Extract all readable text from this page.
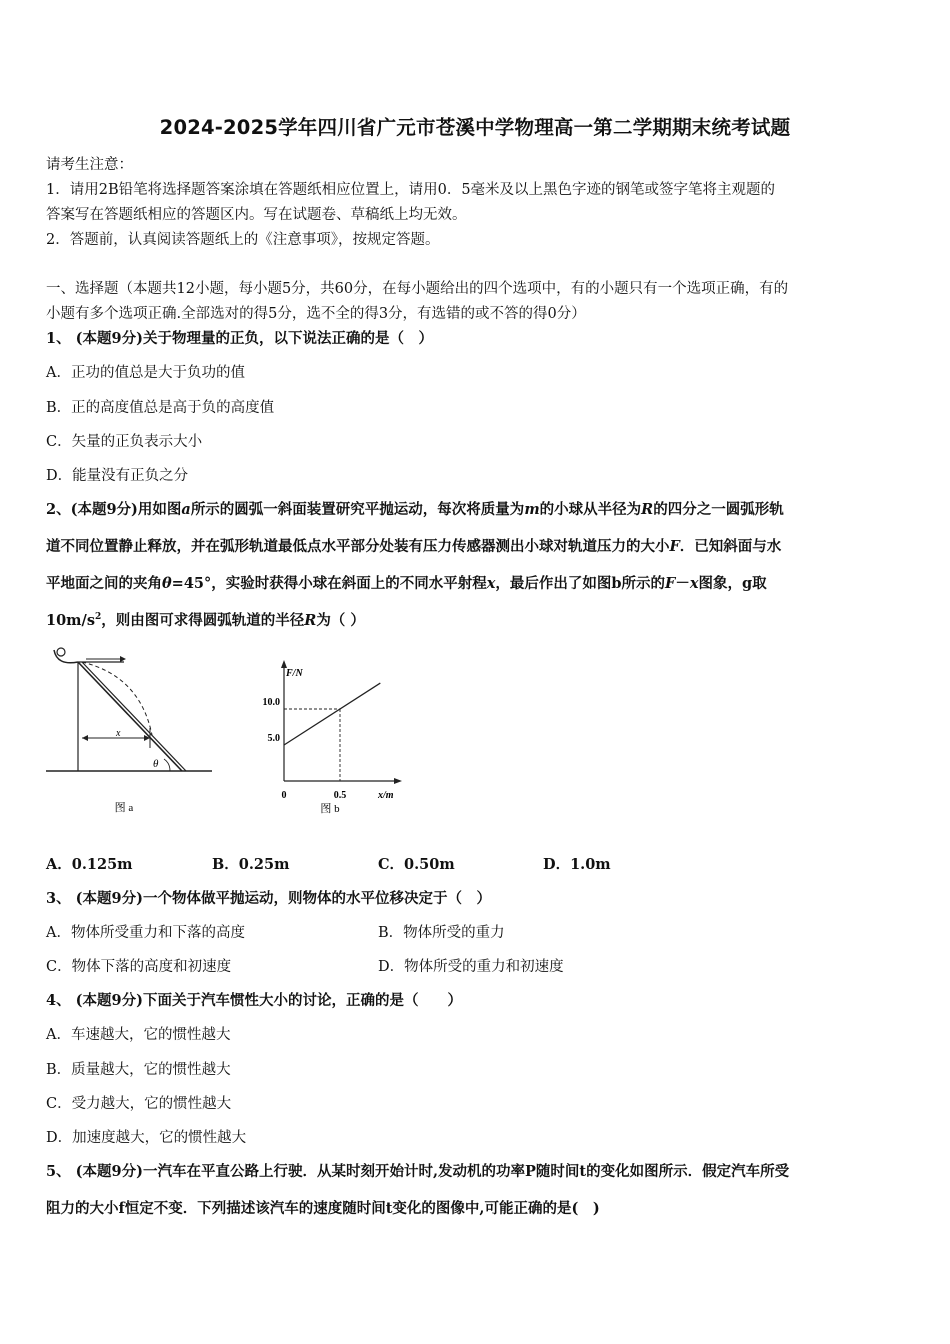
2024-2025学年四川省广元市苍溪中学物理高一第二学期期末统考试题
请考生注意：
1．请用2B铅笔将选择题答案涂填在答题纸相应位置上，请用0．5毫米及以上黑色字迹的钢笔或签字笔将主观题的
答案写在答题纸相应的答题区内。写在试题卷、草稿纸上均无效。
2．答题前，认真阅读答题纸上的《注意事项》，按规定答题。
一、选择题（本题共12小题，每小题5分，共60分，在每小题给出的四个选项中，有的小题只有一个选项正确，有的
小题有多个选项正确.全部选对的得5分，选不全的得3分，有选错的或不答的得0分）
1、 (本题9分)关于物理量的正负，以下说法正确的是（　）
A．正功的值总是大于负功的值
B．正的高度值总是高于负的高度值
C．矢量的正负表示大小
D．能量没有正负之分
2、(本题9分)用如图a所示的圆弧一斜面装置研究平抛运动，每次将质量为m的小球从半径为R的四分之一圆弧形轨
道不同位置静止释放，并在弧形轨道最低点水平部分处装有压力传感器测出小球对轨道压力的大小F．已知斜面与水
平地面之间的夹角θ=45°，实验时获得小球在斜面上的不同水平射程x，最后作出了如图b所示的F－x图象，g取
$10m/s^2$，则由图可求得圆弧轨道的半径R为（ ）
x
θ
图 a
F/N
x/m
10.0
5.0
0	0.5
图 b
A．0.125m	B．0.25m	C．0.50m	D．1.0m
3、 (本题9分)一个物体做平抛运动，则物体的水平位移决定于（　）
A．物体所受重力和下落的高度	B．物体所受的重力
C．物体下落的高度和初速度	D．物体所受的重力和初速度
4、 (本题9分)下面关于汽车惯性大小的讨论，正确的是（　　）
A．车速越大，它的惯性越大
B．质量越大，它的惯性越大
C．受力越大，它的惯性越大
D．加速度越大，它的惯性越大
5、 (本题9分)一汽车在平直公路上行驶．从某时刻开始计时,发动机的功率P随时间t的变化如图所示．假定汽车所受
阻力的大小f恒定不变．下列描述该汽车的速度随时间t变化的图像中,可能正确的是(　)
